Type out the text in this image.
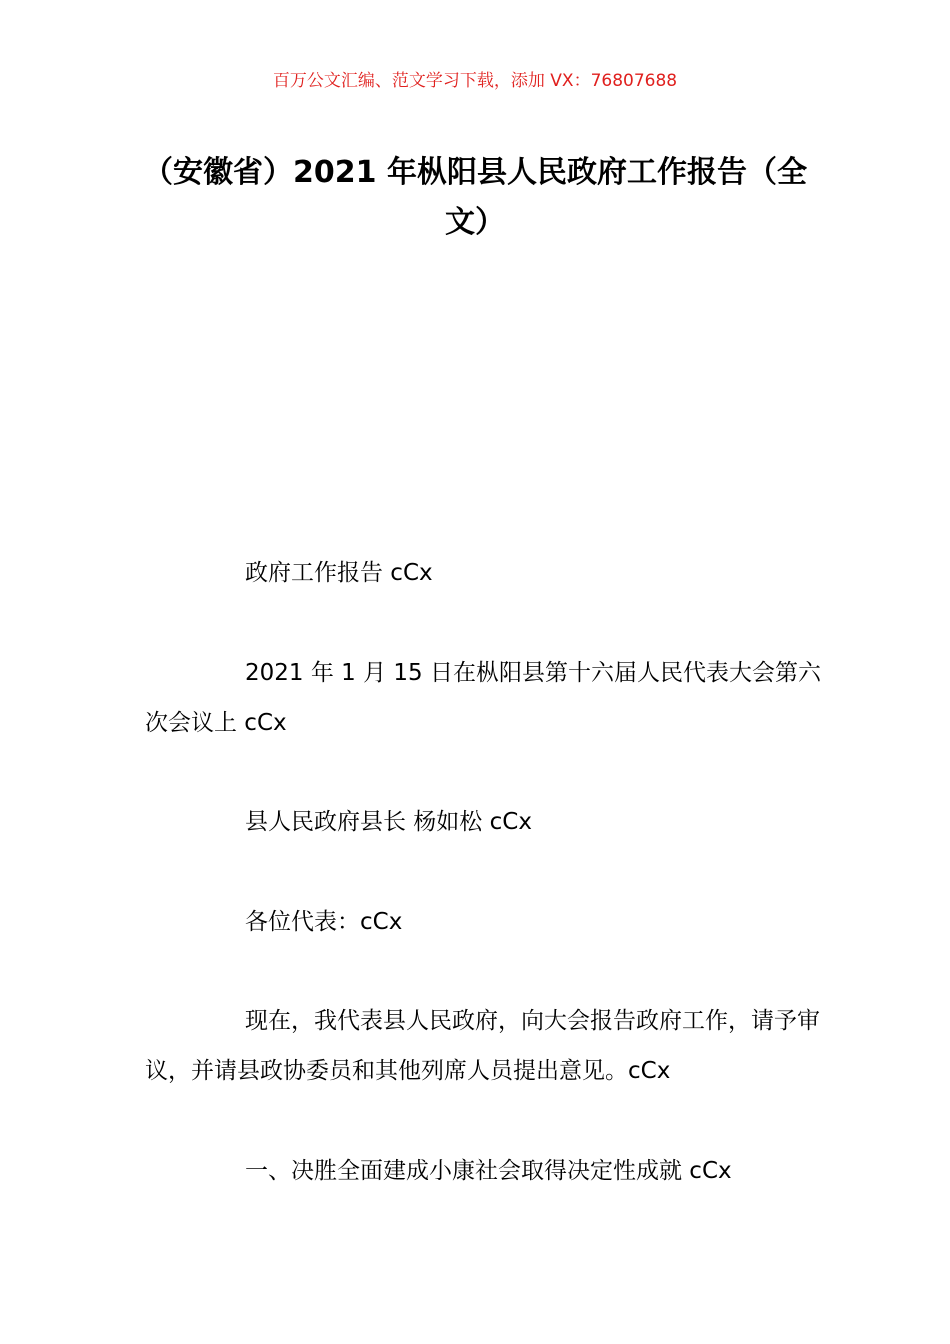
百万公文汇编、范文学习下载，添加 VX：76807688
（安徽省）2021 年枞阳县人民政府工作报告（全文）

政府工作报告 cCx

2021 年 1 月 15 日在枞阳县第十六届人民代表大会第六次会议上 cCx

县人民政府县长 杨如松 cCx

各位代表：cCx

现在，我代表县人民政府，向大会报告政府工作，请予审议，并请县政协委员和其他列席人员提出意见。cCx

一、决胜全面建成小康社会取得决定性成就 cCx
